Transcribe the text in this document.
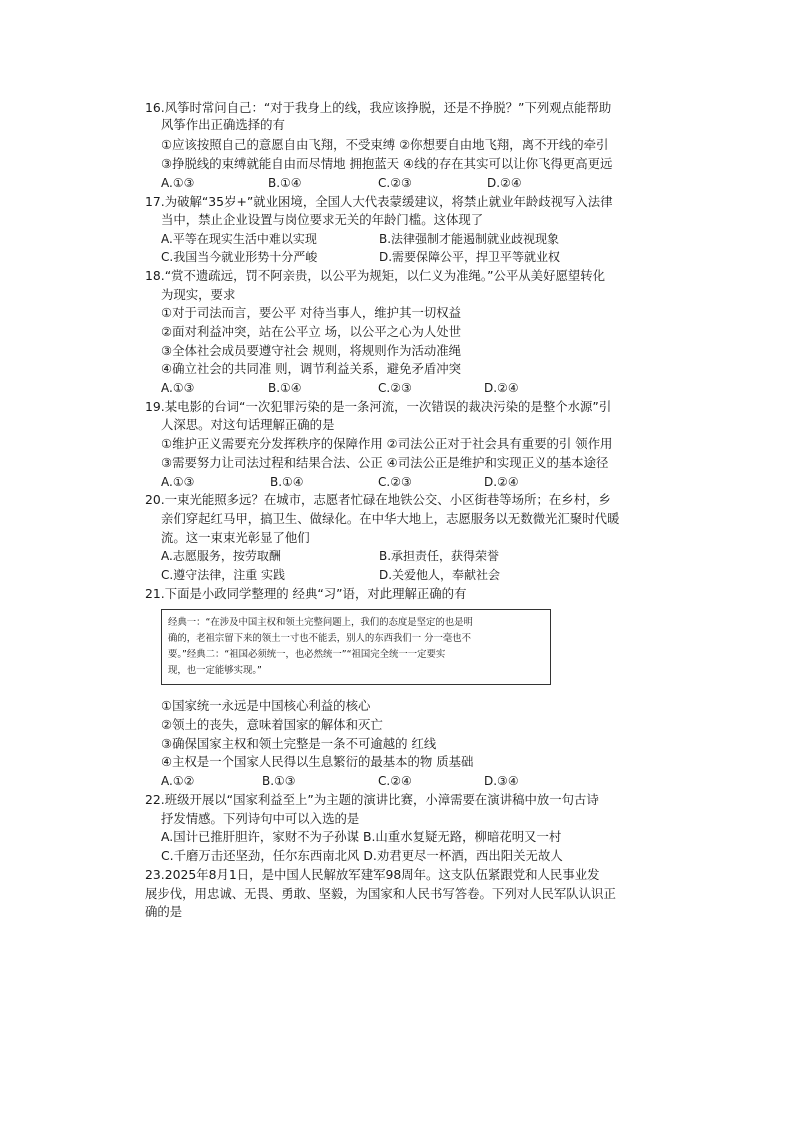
16.风筝时常问自己：“对于我身上的线，我应该挣脱，还是不挣脱？”下列观点能帮助
风筝作出正确选择的有
①应该按照自己的意愿自由飞翔，不受束缚 ②你想要自由地飞翔，离不开线的牵引
③挣脱线的束缚就能自由而尽情地 拥抱蓝天 ④线的存在其实可以让你飞得更高更远
A.①③	B.①④	C.②③	D.②④
17.为破解“35岁+”就业困境，全国人大代表蒙缓建议，将禁止就业年龄歧视写入法律
当中，禁止企业设置与岗位要求无关的年龄门槛。这体现了
A.平等在现实生活中难以实现	B.法律强制才能遏制就业歧视现象
C.我国当今就业形势十分严峻	D.需要保障公平，捍卫平等就业权
18.“赏不遗疏远，罚不阿亲贵，以公平为规矩，以仁义为准绳。”公平从美好愿望转化
为现实，要求
①对于司法而言，要公平 对待当事人，维护其一切权益
②面对利益冲突，站在公平立 场，以公平之心为人处世
③全体社会成员要遵守社会 规则，将规则作为活动准绳
④确立社会的共同准 则，调节利益关系，避免矛盾冲突
A.①③	B.①④	C.②③	D.②④
19.某电影的台词“一次犯罪污染的是一条河流，一次错误的裁决污染的是整个水源”引
人深思。对这句话理解正确的是
①维护正义需要充分发挥秩序的保障作用 ②司法公正对于社会具有重要的引 领作用
③需要努力让司法过程和结果合法、公正 ④司法公正是维护和实现正义的基本途径
A.①③	B.①④	C.②③	D.②④
20.一束光能照多远？在城市，志愿者忙碌在地铁公交、小区街巷等场所；在乡村，乡
亲们穿起红马甲，搞卫生、做绿化。在中华大地上，志愿服务以无数微光汇聚时代暖
流。这一束束光彰显了他们
A.志愿服务，按劳取酬	B.承担责任，获得荣誉
C.遵守法律，注重 实践	D.关爱他人，奉献社会
21.下面是小政同学整理的 经典“习”语，对此理解正确的有
经典一：“在涉及中国主权和领土完整问题上，我们的态度是坚定的也是明
确的，老祖宗留下来的领土一寸也不能丢，别人的东西我们一 分一毫也不
要。”经典二：“祖国必须统一，也必然统一”“祖国完全统一一定要实
现，也一定能够实现。”
①国家统一永远是中国核心利益的核心
②领土的丧失，意味着国家的解体和灭亡
③确保国家主权和领土完整是一条不可逾越的 红线
④主权是一个国家人民得以生息繁衍的最基本的物 质基础
A.①②	B.①③	C.②④	D.③④
22.班级开展以“国家利益至上”为主题的演讲比赛，小漳需要在演讲稿中放一句古诗
抒发情感。下列诗句中可以入选的是
A.国计已推肝胆许，家财不为子孙谋 B.山重水复疑无路，柳暗花明又一村
C.千磨万击还坚劲，任尔东西南北风 D.劝君更尽一杯酒，西出阳关无故人
23.2025年8月1日，是中国人民解放军建军98周年。这支队伍紧跟党和人民事业发
展步伐，用忠诚、无畏、勇敢、坚毅，为国家和人民书写答卷。下列对人民军队认识正
确的是
